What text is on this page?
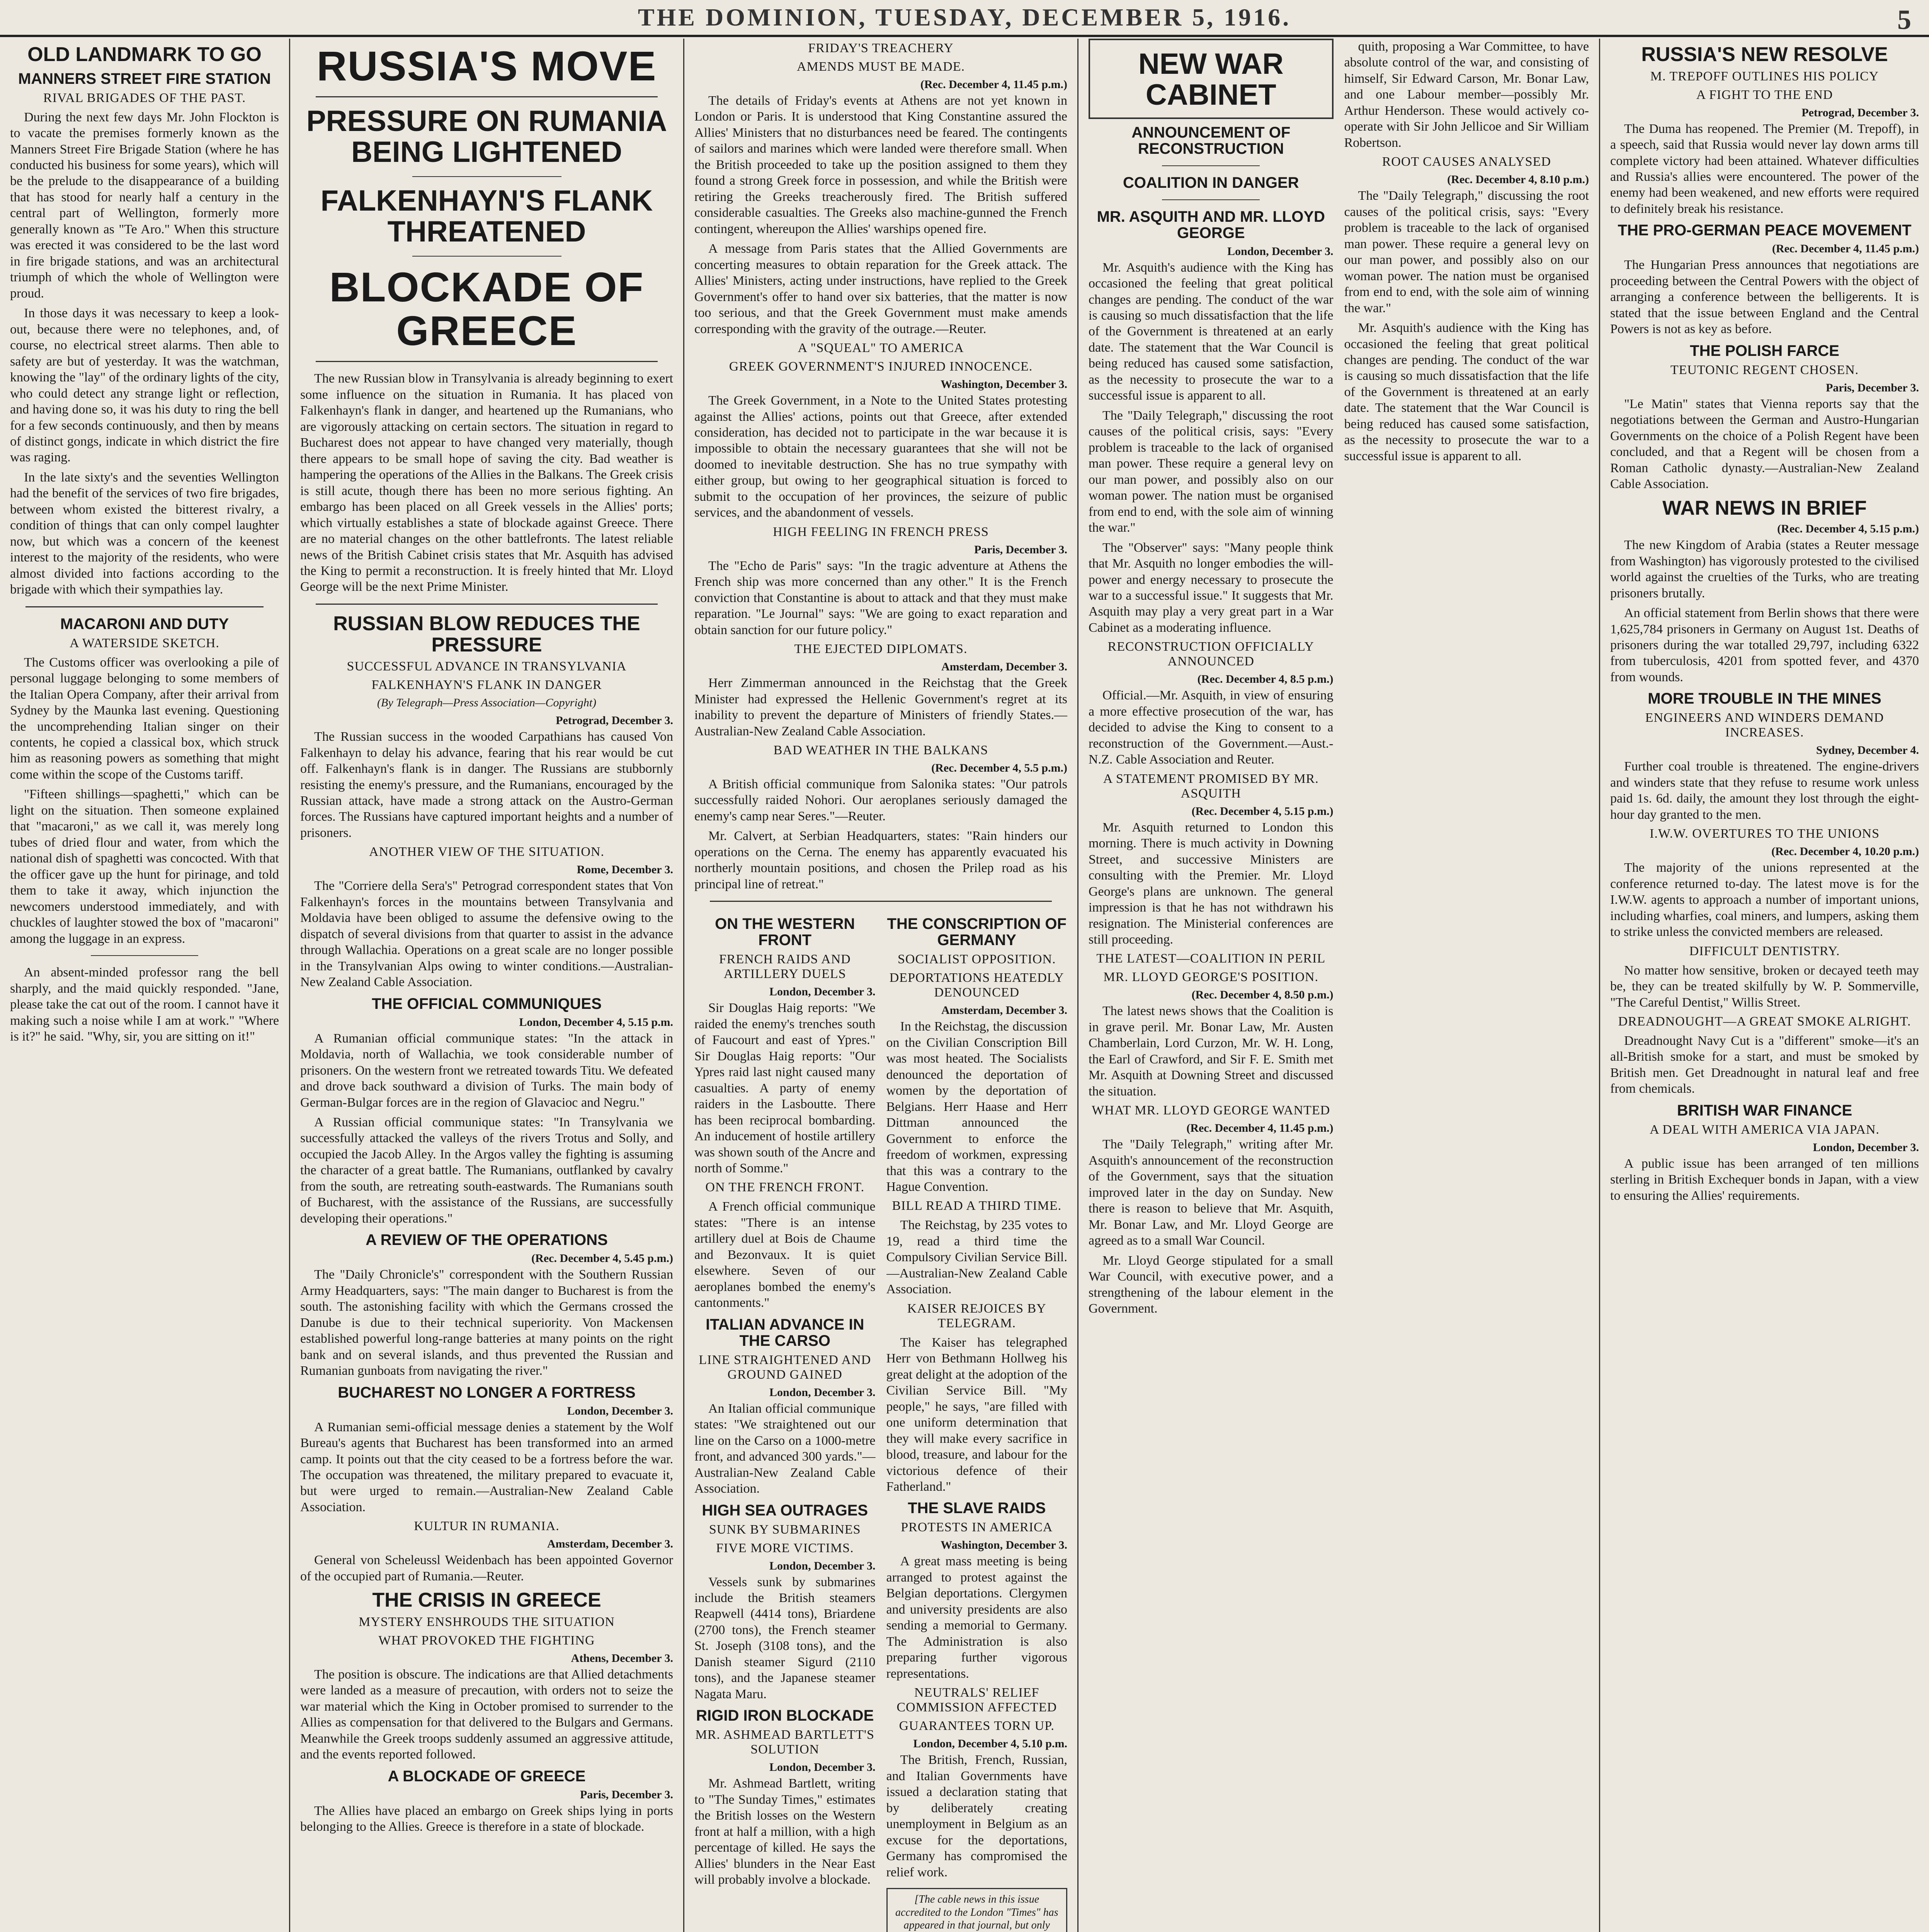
THE DOMINION, TUESDAY, DECEMBER 5, 1916.	5
OLD LANDMARK TO GO
MANNERS STREET FIRE STATION
RIVAL BRIGADES OF THE PAST.

During the next few days Mr. John Flockton is to vacate the premises formerly known as the Manners Street Fire Brigade Station (where he has conducted his business for some years), which will be the prelude to the disappearance of a building that has stood for nearly half a century in the central part of Wellington, formerly more generally known as "Te Aro." When this structure was erected it was considered to be the last word in fire brigade stations, and was an architectural triumph of which the whole of Wellington were proud.

In those days it was necessary to keep a look-out, because there were no telephones, and, of course, no electrical street alarms. Then able to safety are but of yesterday. It was the watchman, knowing the "lay" of the ordinary lights of the city, who could detect any strange light or reflection, and having done so, it was his duty to ring the bell for a few seconds continuously, and then by means of distinct gongs, indicate in which district the fire was raging.

In the late sixty's and the seventies Wellington had the benefit of the services of two fire brigades, between whom existed the bitterest rivalry, a condition of things that can only compel laughter now, but which was a concern of the keenest interest to the majority of the residents, who were almost divided into factions according to the brigade with which their sympathies lay.

MACARONI AND DUTY
A WATERSIDE SKETCH.

The Customs officer was overlooking a pile of personal luggage belonging to some members of the Italian Opera Company, after their arrival from Sydney by the Maunka last evening. Questioning the uncomprehending Italian singer on their contents, he copied a classical box, which struck him as reasoning powers as something that might come within the scope of the Customs tariff.

"Fifteen shillings—spaghetti," which can be light on the situation. Then someone explained that "macaroni," as we call it, was merely long tubes of dried flour and water, from which the national dish of spaghetti was concocted. With that the officer gave up the hunt for pirinage, and told them to take it away, which injunction the newcomers understood immediately, and with chuckles of laughter stowed the box of "macaroni" among the luggage in an express.

An absent-minded professor rang the bell sharply, and the maid quickly responded. "Jane, please take the cat out of the room. I cannot have it making such a noise while I am at work." "Where is it?" he said. "Why, sir, you are sitting on it!"

RUSSIA'S MOVE
PRESSURE ON RUMANIA BEING LIGHTENED
FALKENHAYN'S FLANK THREATENED
BLOCKADE OF GREECE

The new Russian blow in Transylvania is already beginning to exert some influence on the situation in Rumania. It has placed von Falkenhayn's flank in danger, and heartened up the Rumanians, who are vigorously attacking on certain sectors. The situation in regard to Bucharest does not appear to have changed very materially, though there appears to be small hope of saving the city. Bad weather is hampering the operations of the Allies in the Balkans. The Greek crisis is still acute, though there has been no more serious fighting. An embargo has been placed on all Greek vessels in the Allies' ports; which virtually establishes a state of blockade against Greece. There are no material changes on the other battlefronts. The latest reliable news of the British Cabinet crisis states that Mr. Asquith has advised the King to permit a reconstruction. It is freely hinted that Mr. Lloyd George will be the next Prime Minister.

RUSSIAN BLOW REDUCES THE PRESSURE
SUCCESSFUL ADVANCE IN TRANSYLVANIA
FALKENHAYN'S FLANK IN DANGER
(By Telegraph—Press Association—Copyright)
Petrograd, December 3.

The Russian success in the wooded Carpathians has caused Von Falkenhayn to delay his advance, fearing that his rear would be cut off. Falkenhayn's flank is in danger. The Russians are stubbornly resisting the enemy's pressure, and the Rumanians, encouraged by the Russian attack, have made a strong attack on the Austro-German forces. The Russians have captured important heights and a number of prisoners.

ANOTHER VIEW OF THE SITUATION.
Rome, December 3.

The "Corriere della Sera's" Petrograd correspondent states that Von Falkenhayn's forces in the mountains between Transylvania and Moldavia have been obliged to assume the defensive owing to the dispatch of several divisions from that quarter to assist in the advance through Wallachia. Operations on a great scale are no longer possible in the Transylvanian Alps owing to winter conditions.—Australian-New Zealand Cable Association.

THE OFFICIAL COMMUNIQUES
London, December 4, 5.15 p.m.

A Rumanian official communique states: "In the attack in Moldavia, north of Wallachia, we took considerable number of prisoners. On the western front we retreated towards Titu. We defeated and drove back southward a division of Turks. The main body of German-Bulgar forces are in the region of Glavacioc and Negru."

A Russian official communique states: "In Transylvania we successfully attacked the valleys of the rivers Trotus and Solly, and occupied the Jacob Alley. In the Argos valley the fighting is assuming the character of a great battle. The Rumanians, outflanked by cavalry from the south, are retreating south-eastwards. The Rumanians south of Bucharest, with the assistance of the Russians, are successfully developing their operations."

A REVIEW OF THE OPERATIONS
(Rec. December 4, 5.45 p.m.)

The "Daily Chronicle's" correspondent with the Southern Russian Army Headquarters, says: "The main danger to Bucharest is from the south. The astonishing facility with which the Germans crossed the Danube is due to their technical superiority. Von Mackensen established powerful long-range batteries at many points on the right bank and on several islands, and thus prevented the Russian and Rumanian gunboats from navigating the river."

BUCHAREST NO LONGER A FORTRESS
London, December 3.

A Rumanian semi-official message denies a statement by the Wolf Bureau's agents that Bucharest has been transformed into an armed camp. It points out that the city ceased to be a fortress before the war. The occupation was threatened, the military prepared to evacuate it, but were urged to remain.—Australian-New Zealand Cable Association.

KULTUR IN RUMANIA.
Amsterdam, December 3.

General von Scheleussl Weidenbach has been appointed Governor of the occupied part of Rumania.—Reuter.

THE CRISIS IN GREECE
MYSTERY ENSHROUDS THE SITUATION
WHAT PROVOKED THE FIGHTING
Athens, December 3.

The position is obscure. The indications are that Allied detachments were landed as a measure of precaution, with orders not to seize the war material which the King in October promised to surrender to the Allies as compensation for that delivered to the Bulgars and Germans. Meanwhile the Greek troops suddenly assumed an aggressive attitude, and the events reported followed.

A BLOCKADE OF GREECE
Paris, December 3.

The Allies have placed an embargo on Greek ships lying in ports belonging to the Allies. Greece is therefore in a state of blockade.

FRIDAY'S TREACHERY
AMENDS MUST BE MADE.
(Rec. December 4, 11.45 p.m.)

The details of Friday's events at Athens are not yet known in London or Paris. It is understood that King Constantine assured the Allies' Ministers that no disturbances need be feared. The contingents of sailors and marines which were landed were therefore small. When the British proceeded to take up the position assigned to them they found a strong Greek force in possession, and while the British were retiring the Greeks treacherously fired. The British suffered considerable casualties. The Greeks also machine-gunned the French contingent, whereupon the Allies' warships opened fire.

A message from Paris states that the Allied Governments are concerting measures to obtain reparation for the Greek attack. The Allies' Ministers, acting under instructions, have replied to the Greek Government's offer to hand over six batteries, that the matter is now too serious, and that the Greek Government must make amends corresponding with the gravity of the outrage.—Reuter.

A "SQUEAL" TO AMERICA
GREEK GOVERNMENT'S INJURED INNOCENCE.
Washington, December 3.

The Greek Government, in a Note to the United States protesting against the Allies' actions, points out that Greece, after extended consideration, has decided not to participate in the war because it is impossible to obtain the necessary guarantees that she will not be doomed to inevitable destruction. She has no true sympathy with either group, but owing to her geographical situation is forced to submit to the occupation of her provinces, the seizure of public services, and the abandonment of vessels.

HIGH FEELING IN FRENCH PRESS
Paris, December 3.

The "Echo de Paris" says: "In the tragic adventure at Athens the French ship was more concerned than any other." It is the French conviction that Constantine is about to attack and that they must make reparation. "Le Journal" says: "We are going to exact reparation and obtain sanction for our future policy."

THE EJECTED DIPLOMATS.
Amsterdam, December 3.

Herr Zimmerman announced in the Reichstag that the Greek Minister had expressed the Hellenic Government's regret at its inability to prevent the departure of Ministers of friendly States.—Australian-New Zealand Cable Association.

BAD WEATHER IN THE BALKANS
(Rec. December 4, 5.5 p.m.)

A British official communique from Salonika states: "Our patrols successfully raided Nohori. Our aeroplanes seriously damaged the enemy's camp near Seres."—Reuter.

Mr. Calvert, at Serbian Headquarters, states: "Rain hinders our operations on the Cerna. The enemy has apparently evacuated his northerly mountain positions, and chosen the Prilep road as his principal line of retreat."

ON THE WESTERN FRONT
FRENCH RAIDS AND ARTILLERY DUELS
London, December 3.

Sir Douglas Haig reports: "We raided the enemy's trenches south of Faucourt and east of Ypres." Sir Douglas Haig reports: "Our Ypres raid last night caused many casualties. A party of enemy raiders in the Lasboutte. There has been reciprocal bombarding. An inducement of hostile artillery was shown south of the Ancre and north of Somme."

ON THE FRENCH FRONT.

A French official communique states: "There is an intense artillery duel at Bois de Chaume and Bezonvaux. It is quiet elsewhere. Seven of our aeroplanes bombed the enemy's cantonments."

ITALIAN ADVANCE IN THE CARSO
LINE STRAIGHTENED AND GROUND GAINED
London, December 3.

An Italian official communique states: "We straightened out our line on the Carso on a 1000-metre front, and advanced 300 yards."—Australian-New Zealand Cable Association.

HIGH SEA OUTRAGES
SUNK BY SUBMARINES
FIVE MORE VICTIMS.
London, December 3.

Vessels sunk by submarines include the British steamers Reapwell (4414 tons), Briardene (2700 tons), the French steamer St. Joseph (3108 tons), and the Danish steamer Sigurd (2110 tons), and the Japanese steamer Nagata Maru.

RIGID IRON BLOCKADE
MR. ASHMEAD BARTLETT'S SOLUTION
London, December 3.

Mr. Ashmead Bartlett, writing to "The Sunday Times," estimates the British losses on the Western front at half a million, with a high percentage of killed. He says the Allies' blunders in the Near East will probably involve a blockade.

THE CONSCRIPTION OF GERMANY
SOCIALIST OPPOSITION.
DEPORTATIONS HEATEDLY DENOUNCED
Amsterdam, December 3.

In the Reichstag, the discussion on the Civilian Conscription Bill was most heated. The Socialists denounced the deportation of women by the deportation of Belgians. Herr Haase and Herr Dittman announced the Government to enforce the freedom of workmen, expressing that this was a contrary to the Hague Convention.

BILL READ A THIRD TIME.

The Reichstag, by 235 votes to 19, read a third time the Compulsory Civilian Service Bill.—Australian-New Zealand Cable Association.

KAISER REJOICES BY TELEGRAM.

The Kaiser has telegraphed Herr von Bethmann Hollweg his great delight at the adoption of the Civilian Service Bill. "My people," he says, "are filled with one uniform determination that they will make every sacrifice in blood, treasure, and labour for the victorious defence of their Fatherland."

THE SLAVE RAIDS
PROTESTS IN AMERICA
Washington, December 3.

A great mass meeting is being arranged to protest against the Belgian deportations. Clergymen and university presidents are also sending a memorial to Germany. The Administration is also preparing further vigorous representations.

NEUTRALS' RELIEF COMMISSION AFFECTED
GUARANTEES TORN UP.
London, December 4, 5.10 p.m.

The British, French, Russian, and Italian Governments have issued a declaration stating that by deliberately creating unemployment in Belgium as an excuse for the deportations, Germany has compromised the relief work.

[The cable news in this issue accredited to the London "Times" has appeared in that journal, but only
NEW WAR CABINET
ANNOUNCEMENT OF RECONSTRUCTION
COALITION IN DANGER
MR. ASQUITH AND MR. LLOYD GEORGE
London, December 3.

Mr. Asquith's audience with the King has occasioned the feeling that great political changes are pending. The conduct of the war is causing so much dissatisfaction that the life of the Government is threatened at an early date. The statement that the War Council is being reduced has caused some satisfaction, as the necessity to prosecute the war to a successful issue is apparent to all.

The "Daily Telegraph," discussing the root causes of the political crisis, says: "Every problem is traceable to the lack of organised man power. These require a general levy on our man power, and possibly also on our woman power. The nation must be organised from end to end, with the sole aim of winning the war."

The "Observer" says: "Many people think that Mr. Asquith no longer embodies the will-power and energy necessary to prosecute the war to a successful issue." It suggests that Mr. Asquith may play a very great part in a War Cabinet as a moderating influence.

RECONSTRUCTION OFFICIALLY ANNOUNCED
(Rec. December 4, 8.5 p.m.)

Official.—Mr. Asquith, in view of ensuring a more effective prosecution of the war, has decided to advise the King to consent to a reconstruction of the Government.—Aust.-N.Z. Cable Association and Reuter.

A STATEMENT PROMISED BY MR. ASQUITH
(Rec. December 4, 5.15 p.m.)

Mr. Asquith returned to London this morning. There is much activity in Downing Street, and successive Ministers are consulting with the Premier. Mr. Lloyd George's plans are unknown. The general impression is that he has not withdrawn his resignation. The Ministerial conferences are still proceeding.

THE LATEST—COALITION IN PERIL
MR. LLOYD GEORGE'S POSITION.
(Rec. December 4, 8.50 p.m.)

The latest news shows that the Coalition is in grave peril. Mr. Bonar Law, Mr. Austen Chamberlain, Lord Curzon, Mr. W. H. Long, the Earl of Crawford, and Sir F. E. Smith met Mr. Asquith at Downing Street and discussed the situation.

WHAT MR. LLOYD GEORGE WANTED
(Rec. December 4, 11.45 p.m.)

The "Daily Telegraph," writing after Mr. Asquith's announcement of the reconstruction of the Government, says that the situation improved later in the day on Sunday. New there is reason to believe that Mr. Asquith, Mr. Bonar Law, and Mr. Lloyd George are agreed as to a small War Council.

Mr. Lloyd George stipulated for a small War Council, with executive power, and a strengthening of the labour element in the Government.

quith, proposing a War Committee, to have absolute control of the war, and consisting of himself, Sir Edward Carson, Mr. Bonar Law, and one Labour member—possibly Mr. Arthur Henderson. These would actively co-operate with Sir John Jellicoe and Sir William Robertson.

ROOT CAUSES ANALYSED
(Rec. December 4, 8.10 p.m.)

The "Daily Telegraph," discussing the root causes of the political crisis, says: "Every problem is traceable to the lack of organised man power. These require a general levy on our man power, and possibly also on our woman power. The nation must be organised from end to end, with the sole aim of winning the war."

Mr. Asquith's audience with the King has occasioned the feeling that great political changes are pending. The conduct of the war is causing so much dissatisfaction that the life of the Government is threatened at an early date. The statement that the War Council is being reduced has caused some satisfaction, as the necessity to prosecute the war to a successful issue is apparent to all.

RUSSIA'S NEW RESOLVE
M. TREPOFF OUTLINES HIS POLICY
A FIGHT TO THE END
Petrograd, December 3.

The Duma has reopened. The Premier (M. Trepoff), in a speech, said that Russia would never lay down arms till complete victory had been attained. Whatever difficulties and Russia's allies were encountered. The power of the enemy had been weakened, and new efforts were required to definitely break his resistance.

THE PRO-GERMAN PEACE MOVEMENT
(Rec. December 4, 11.45 p.m.)

The Hungarian Press announces that negotiations are proceeding between the Central Powers with the object of arranging a conference between the belligerents. It is stated that the issue between England and the Central Powers is not as key as before.

THE POLISH FARCE
TEUTONIC REGENT CHOSEN.
Paris, December 3.

"Le Matin" states that Vienna reports say that the negotiations between the German and Austro-Hungarian Governments on the choice of a Polish Regent have been concluded, and that a Regent will be chosen from a Roman Catholic dynasty.—Australian-New Zealand Cable Association.

WAR NEWS IN BRIEF
(Rec. December 4, 5.15 p.m.)

The new Kingdom of Arabia (states a Reuter message from Washington) has vigorously protested to the civilised world against the cruelties of the Turks, who are treating prisoners brutally.

An official statement from Berlin shows that there were 1,625,784 prisoners in Germany on August 1st. Deaths of prisoners during the war totalled 29,797, including 6322 from tuberculosis, 4201 from spotted fever, and 4370 from wounds.

MORE TROUBLE IN THE MINES
ENGINEERS AND WINDERS DEMAND INCREASES.
Sydney, December 4.

Further coal trouble is threatened. The engine-drivers and winders state that they refuse to resume work unless paid 1s. 6d. daily, the amount they lost through the eight-hour day granted to the men.

I.W.W. OVERTURES TO THE UNIONS
(Rec. December 4, 10.20 p.m.)

The majority of the unions represented at the conference returned to-day. The latest move is for the I.W.W. agents to approach a number of important unions, including wharfies, coal miners, and lumpers, asking them to strike unless the convicted members are released.

DIFFICULT DENTISTRY.

No matter how sensitive, broken or decayed teeth may be, they can be treated skilfully by W. P. Sommerville, "The Careful Dentist," Willis Street.

DREADNOUGHT—A GREAT SMOKE ALRIGHT.

Dreadnought Navy Cut is a "different" smoke—it's an all-British smoke for a start, and must be smoked by British men. Get Dreadnought in natural leaf and free from chemicals.

BRITISH WAR FINANCE
A DEAL WITH AMERICA VIA JAPAN.
London, December 3.

A public issue has been arranged of ten millions sterling in British Exchequer bonds in Japan, with a view to ensuring the Allies' requirements.
